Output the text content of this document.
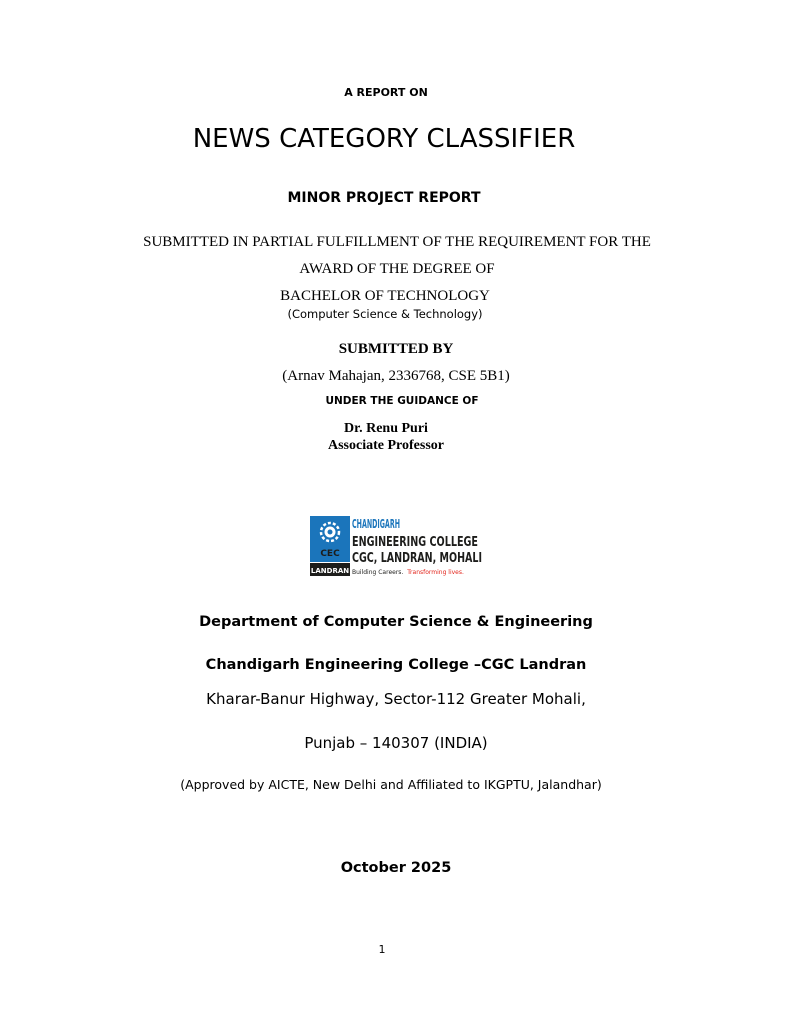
A REPORT ON
NEWS CATEGORY CLASSIFIER
MINOR PROJECT REPORT
SUBMITTED IN PARTIAL FULFILLMENT OF THE REQUIREMENT FOR THE
AWARD OF THE DEGREE OF
BACHELOR OF TECHNOLOGY
(Computer Science & Technology)
SUBMITTED BY
(Arnav Mahajan, 2336768, CSE 5B1)
UNDER THE GUIDANCE OF
Dr. Renu Puri
Associate Professor
CEC
LANDRAN
CHANDIGARH
ENGINEERING COLLEGE
CGC, LANDRAN, MOHALI
Building Careers. Transforming lives.
Department of Computer Science & Engineering
Chandigarh Engineering College –CGC Landran
Kharar-Banur Highway, Sector-112 Greater Mohali,
Punjab – 140307 (INDIA)
(Approved by AICTE, New Delhi and Affiliated to IKGPTU, Jalandhar)
October 2025
1
